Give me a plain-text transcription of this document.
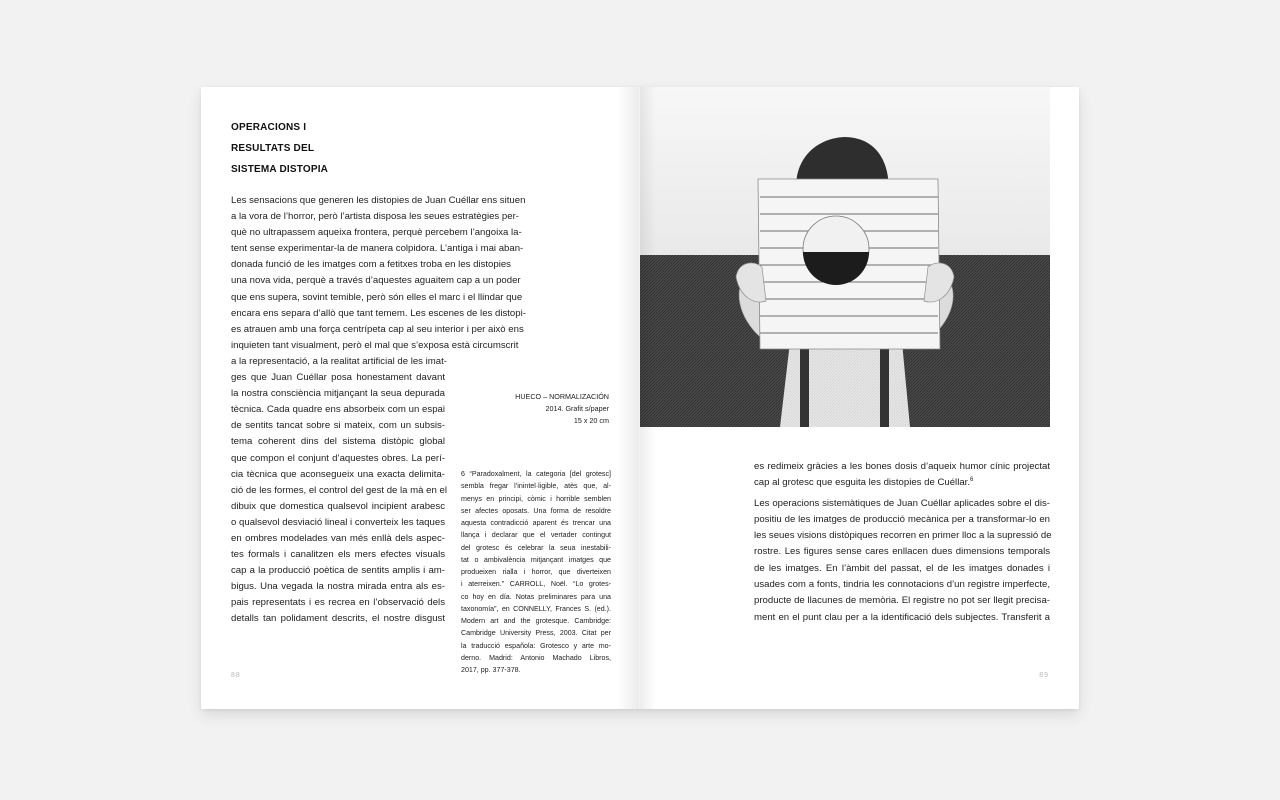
OPERACIONS I
RESULTATS DEL
SISTEMA DISTOPIA
Les sensacions que generen les distopies de Juan Cuéllar ens situen
a la vora de l’horror, però l’artista disposa les seues estratègies per-
què no ultrapassem aqueixa frontera, perquè percebem l’angoixa la-
tent sense experimentar-la de manera colpidora. L’antiga i mai aban-
donada funció de les imatges com a fetitxes troba en les distopies
una nova vida, perquè a través d’aquestes aguaitem cap a un poder
que ens supera, sovint temible, però són elles el marc i el llindar que
encara ens separa d’allò que tant temem. Les escenes de les distopi-
es atrauen amb una força centrípeta cap al seu interior i per això ens
inquieten tant visualment, però el mal que s’exposa està circumscrit
a la representació, a la realitat artificial de les imat-
ges que Juan Cuéllar posa honestament davant
la nostra consciència mitjançant la seua depurada
tècnica. Cada quadre ens absorbeix com un espai
de sentits tancat sobre si mateix, com un subsis-
tema coherent dins del sistema distòpic global
que compon el conjunt d’aquestes obres. La perí-
cia tècnica que aconsegueix una exacta delimita-
ció de les formes, el control del gest de la mà en el
dibuix que domestica qualsevol incipient arabesc
o qualsevol desviació lineal i converteix les taques
en ombres modelades van més enllà dels aspec-
tes formals i canalitzen els mers efectes visuals
cap a la producció poètica de sentits amplis i am-
bigus. Una vegada la nostra mirada entra als es-
pais representats i es recrea en l’observació dels
detalls tan polidament descrits, el nostre disgust
HUECO – NORMALIZACIÓN
2014. Grafit s/paper
15 x 20 cm
6 “Paradoxalment, la categoria [del grotesc]
sembla fregar l’inintel·ligible, atès que, al-
menys en principi, còmic i horrible semblen
ser afectes oposats. Una forma de resoldre
aquesta contradicció aparent és trencar una
llança i declarar que el vertader contingut
del grotesc és celebrar la seua inestabili-
tat o ambivalència mitjançant imatges que
produeixen rialla i horror, que diverteixen
i aterreixen.” CARROLL, Noël. “Lo grotes-
co hoy en día. Notas preliminares para una
taxonomía”, en CONNELLY, Frances S. (ed.).
Modern art and the grotesque. Cambridge:
Cambridge University Press, 2003. Citat per
la traducció española: Grotesco y arte mo-
derno. Madrid: Antonio Machado Libros,
2017, pp. 377-378.
88
es redimeix gràcies a les bones dosis d’aqueix humor cínic projectat
cap al grotesc que esguita les distopies de Cuéllar.$^6$
Les operacions sistemàtiques de Juan Cuéllar aplicades sobre el dis-
positiu de les imatges de producció mecànica per a transformar-lo en
les seues visions distòpiques recorren en primer lloc a la supressió de
rostre. Les figures sense cares enllacen dues dimensions temporals
de les imatges. En l’àmbit del passat, el de les imatges donades i
usades com a fonts, tindria les connotacions d’un registre imperfecte,
producte de llacunes de memòria. El registre no pot ser llegit precisa-
ment en el punt clau per a la identificació dels subjectes. Transferit a
89
